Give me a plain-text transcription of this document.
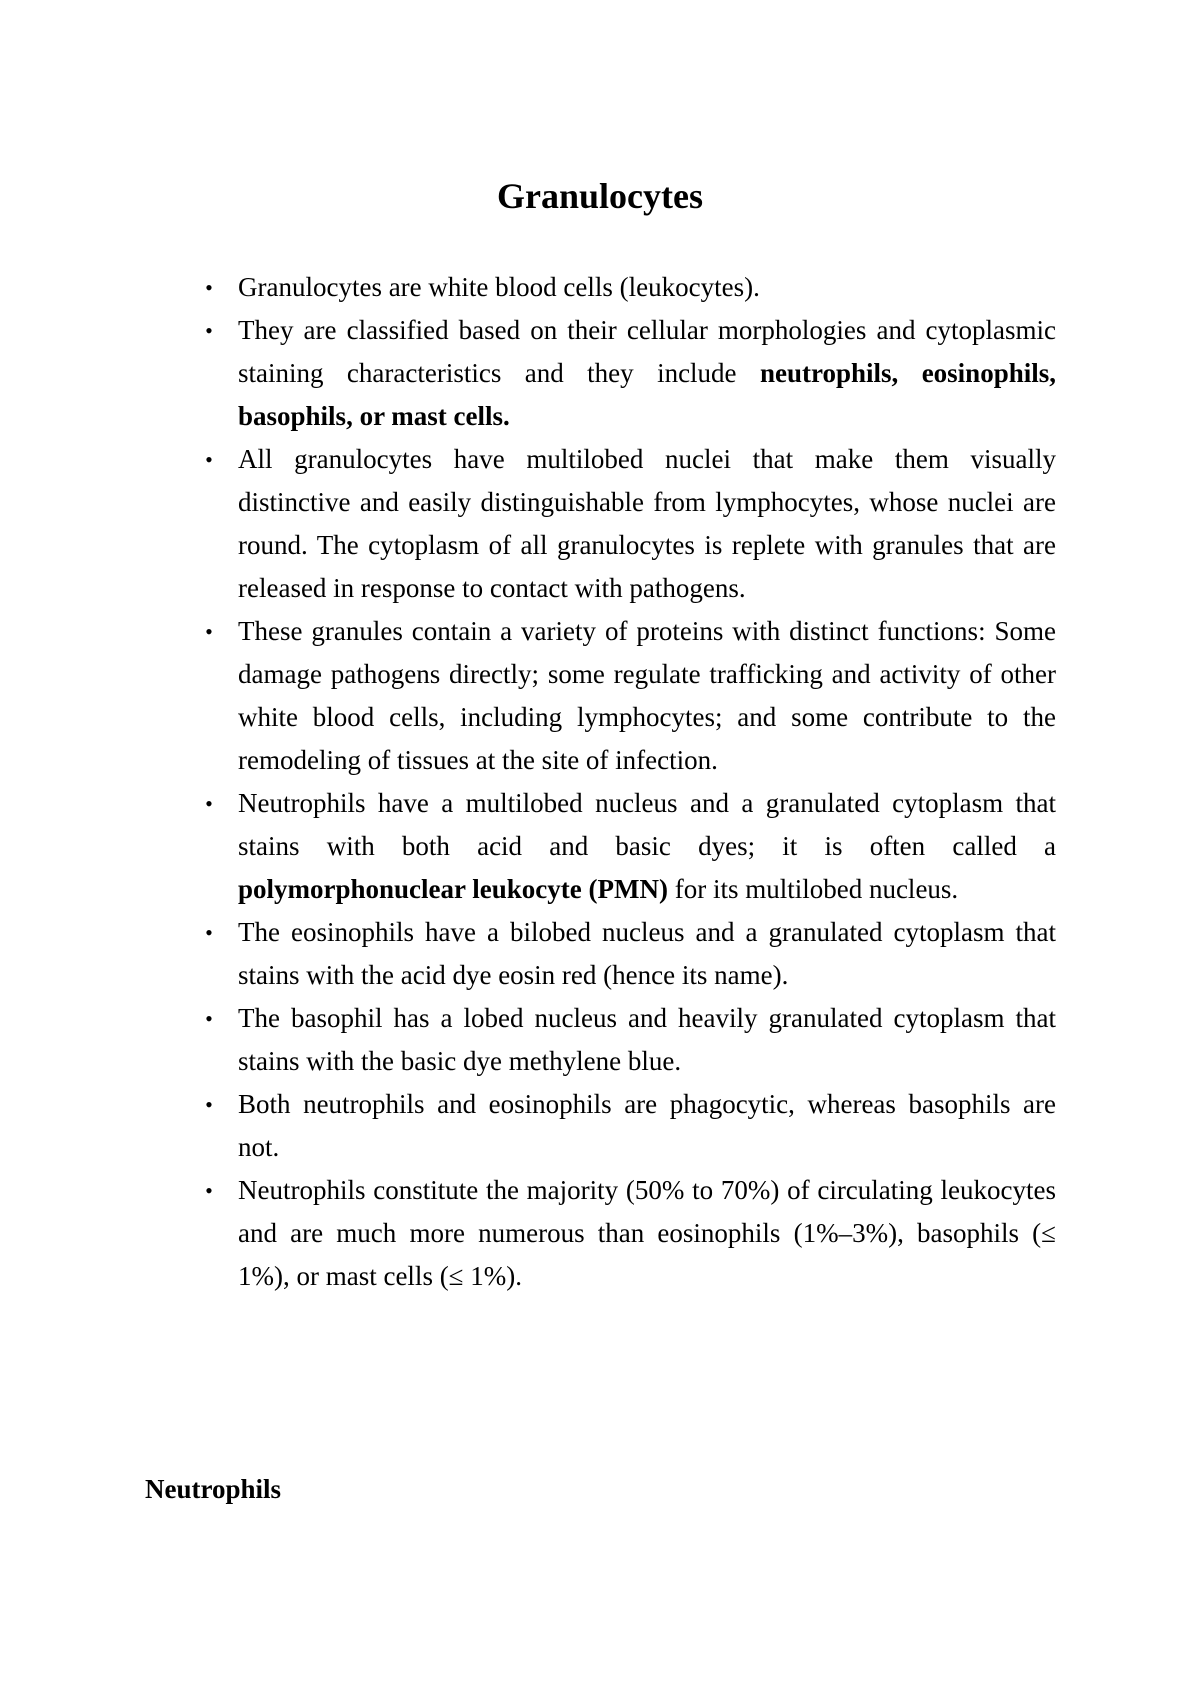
Granulocytes
• Granulocytes are white blood cells (leukocytes).
• They are classified based on their cellular morphologies and cytoplasmic staining characteristics and they include neutrophils, eosinophils, basophils, or mast cells.
• All granulocytes have multilobed nuclei that make them visually distinctive and easily distinguishable from lymphocytes, whose nuclei are round. The cytoplasm of all granulocytes is replete with granules that are released in response to contact with pathogens.
• These granules contain a variety of proteins with distinct functions: Some damage pathogens directly; some regulate trafficking and activity of other white blood cells, including lymphocytes; and some contribute to the remodeling of tissues at the site of infection.
• Neutrophils have a multilobed nucleus and a granulated cytoplasm that stains with both acid and basic dyes; it is often called a polymorphonuclear leukocyte (PMN) for its multilobed nucleus.
• The eosinophils have a bilobed nucleus and a granulated cytoplasm that stains with the acid dye eosin red (hence its name).
• The basophil has a lobed nucleus and heavily granulated cytoplasm that stains with the basic dye methylene blue.
• Both neutrophils and eosinophils are phagocytic, whereas basophils are not.
• Neutrophils constitute the majority (50% to 70%) of circulating leukocytes and are much more numerous than eosinophils (1%–3%), basophils (≤ 1%), or mast cells (≤ 1%).
Neutrophils
